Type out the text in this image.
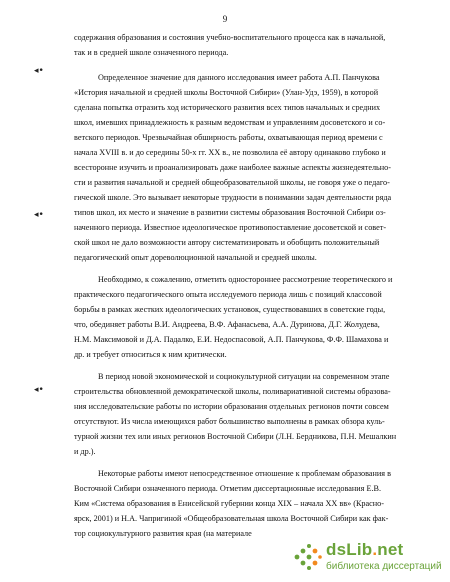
9
содержания образования и состояния учебно-воспитательного процесса как в начальной,
так и в средней школе означенного периода.
Определенное значение для данного исследования имеет работа А.П. Панчукова
«История начальной и средней школы Восточной Сибири» (Улан-Удэ, 1959), в которой
сделана попытка отразить ход исторического развития всех типов начальных и средних
школ, имевших принадлежность к разным ведомствам и управлениям досоветского и со-
ветского периодов. Чрезвычайная обширность работы, охватывающая период времени с
начала XVIII в. и до середины 50-х гг. XX в., не позволила её автору одинаково глубоко и
всесторонне изучить и проанализировать даже наиболее важные аспекты жизнедеятельно-
сти и развития начальной и средней общеобразовательной школы, не говоря уже о педаго-
гической школе. Это вызывает некоторые трудности в понимании задач деятельности ряда
типов школ, их место и значение в развитии системы образования Восточной Сибири оз-
наченного периода. Известное идеологическое противопоставление досоветской и совет-
ской школ не дало возможности автору систематизировать и обобщить положительный
педагогический опыт дореволюционной начальной и средней школы.
Необходимо, к сожалению, отметить одностороннее рассмотрение теоретического и
практического педагогического опыта исследуемого периода лишь с позиций классовой
борьбы в рамках жестких идеологических установок, существовавших в советские годы,
что, обединяет работы В.И. Андреева, В.Ф. Афанасьева, А.А. Дуринова, Д.Г. Жолудева,
Н.М. Максимовой и Д.А. Падалко, Е.И. Недоспасовой, А.П. Панчукова, Ф.Ф. Шамахова и
др. и требует относиться к ним критически.
В период новой экономической и социокультурной ситуации на современном этапе
строительства обновленной демократической школы, поливариативной системы образова-
ния исследовательские работы по истории образования отдельных регионов почти совсем
отсутствуют. Из числа имеющихся работ большинство выполнены в рамках обзора куль-
турной жизни тех или иных регионов Восточной Сибири (Л.Н. Бердникова, П.Н. Мешалкин
и др.).
Некоторые работы имеют непосредственное отношение к проблемам образования в
Восточной Сибири означенного периода. Отметим диссертационные исследования Е.В.
Ким «Система образования в Енисейской губернии конца XIX – начала XX вв» (Красно-
ярск, 2001) и Н.А. Чапригиной «Общеобразовательная школа Восточной Сибири как фак-
тор социокультурного развития края (на материале
◂•
◂•
◂•
dsLib.net
библиотека диссертаций
